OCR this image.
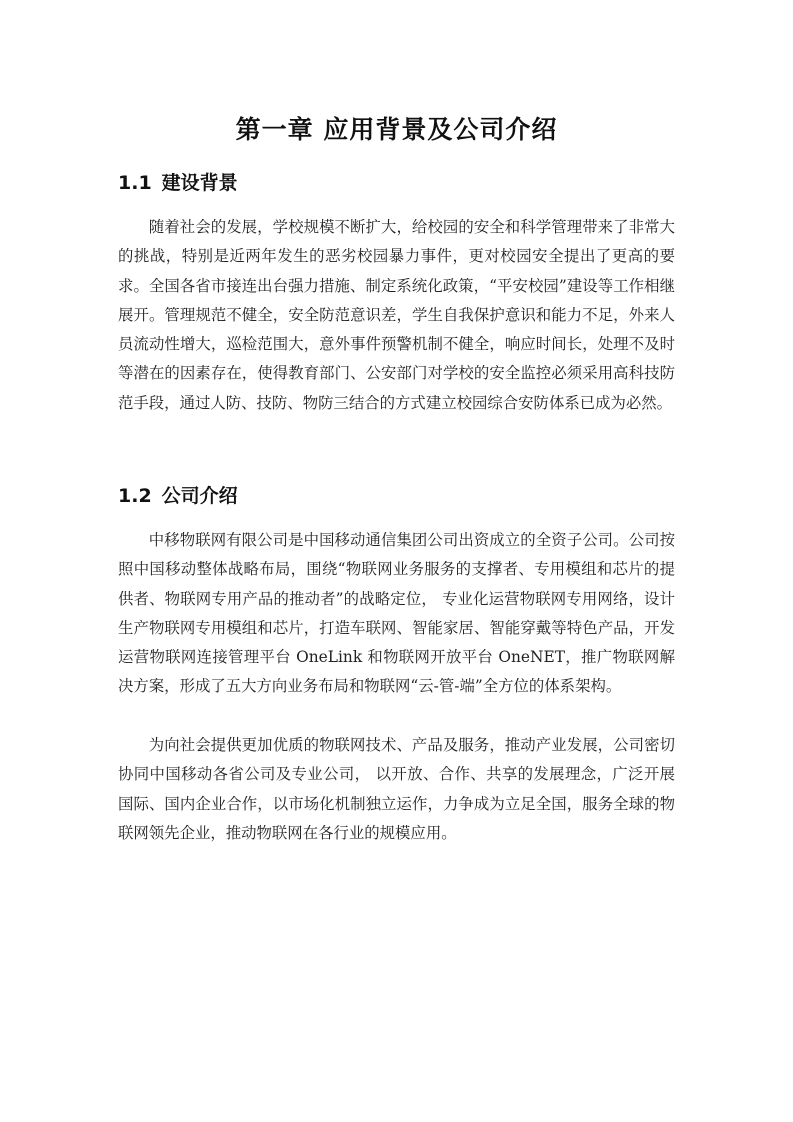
第一章 应用背景及公司介绍
1.1 建设背景

随着社会的发展，学校规模不断扩大，给校园的安全和科学管理带来了非常大的挑战，特别是近两年发生的恶劣校园暴力事件，更对校园安全提出了更高的要求。全国各省市接连出台强力措施、制定系统化政策，“平安校园”建设等工作相继展开。管理规范不健全，安全防范意识差，学生自我保护意识和能力不足，外来人员流动性增大，巡检范围大，意外事件预警机制不健全，响应时间长，处理不及时等潜在的因素存在，使得教育部门、公安部门对学校的安全监控必须采用高科技防范手段，通过人防、技防、物防三结合的方式建立校园综合安防体系已成为必然。

1.2 公司介绍

中移物联网有限公司是中国移动通信集团公司出资成立的全资子公司。公司按照中国移动整体战略布局，围绕“物联网业务服务的支撑者、专用模组和芯片的提供者、物联网专用产品的推动者”的战略定位， 专业化运营物联网专用网络，设计生产物联网专用模组和芯片，打造车联网、智能家居、智能穿戴等特色产品，开发运营物联网连接管理平台 OneLink 和物联网开放平台 OneNET，推广物联网解决方案，形成了五大方向业务布局和物联网“云-管-端”全方位的体系架构。

为向社会提供更加优质的物联网技术、产品及服务，推动产业发展，公司密切协同中国移动各省公司及专业公司， 以开放、合作、共享的发展理念，广泛开展国际、国内企业合作，以市场化机制独立运作，力争成为立足全国，服务全球的物联网领先企业，推动物联网在各行业的规模应用。
